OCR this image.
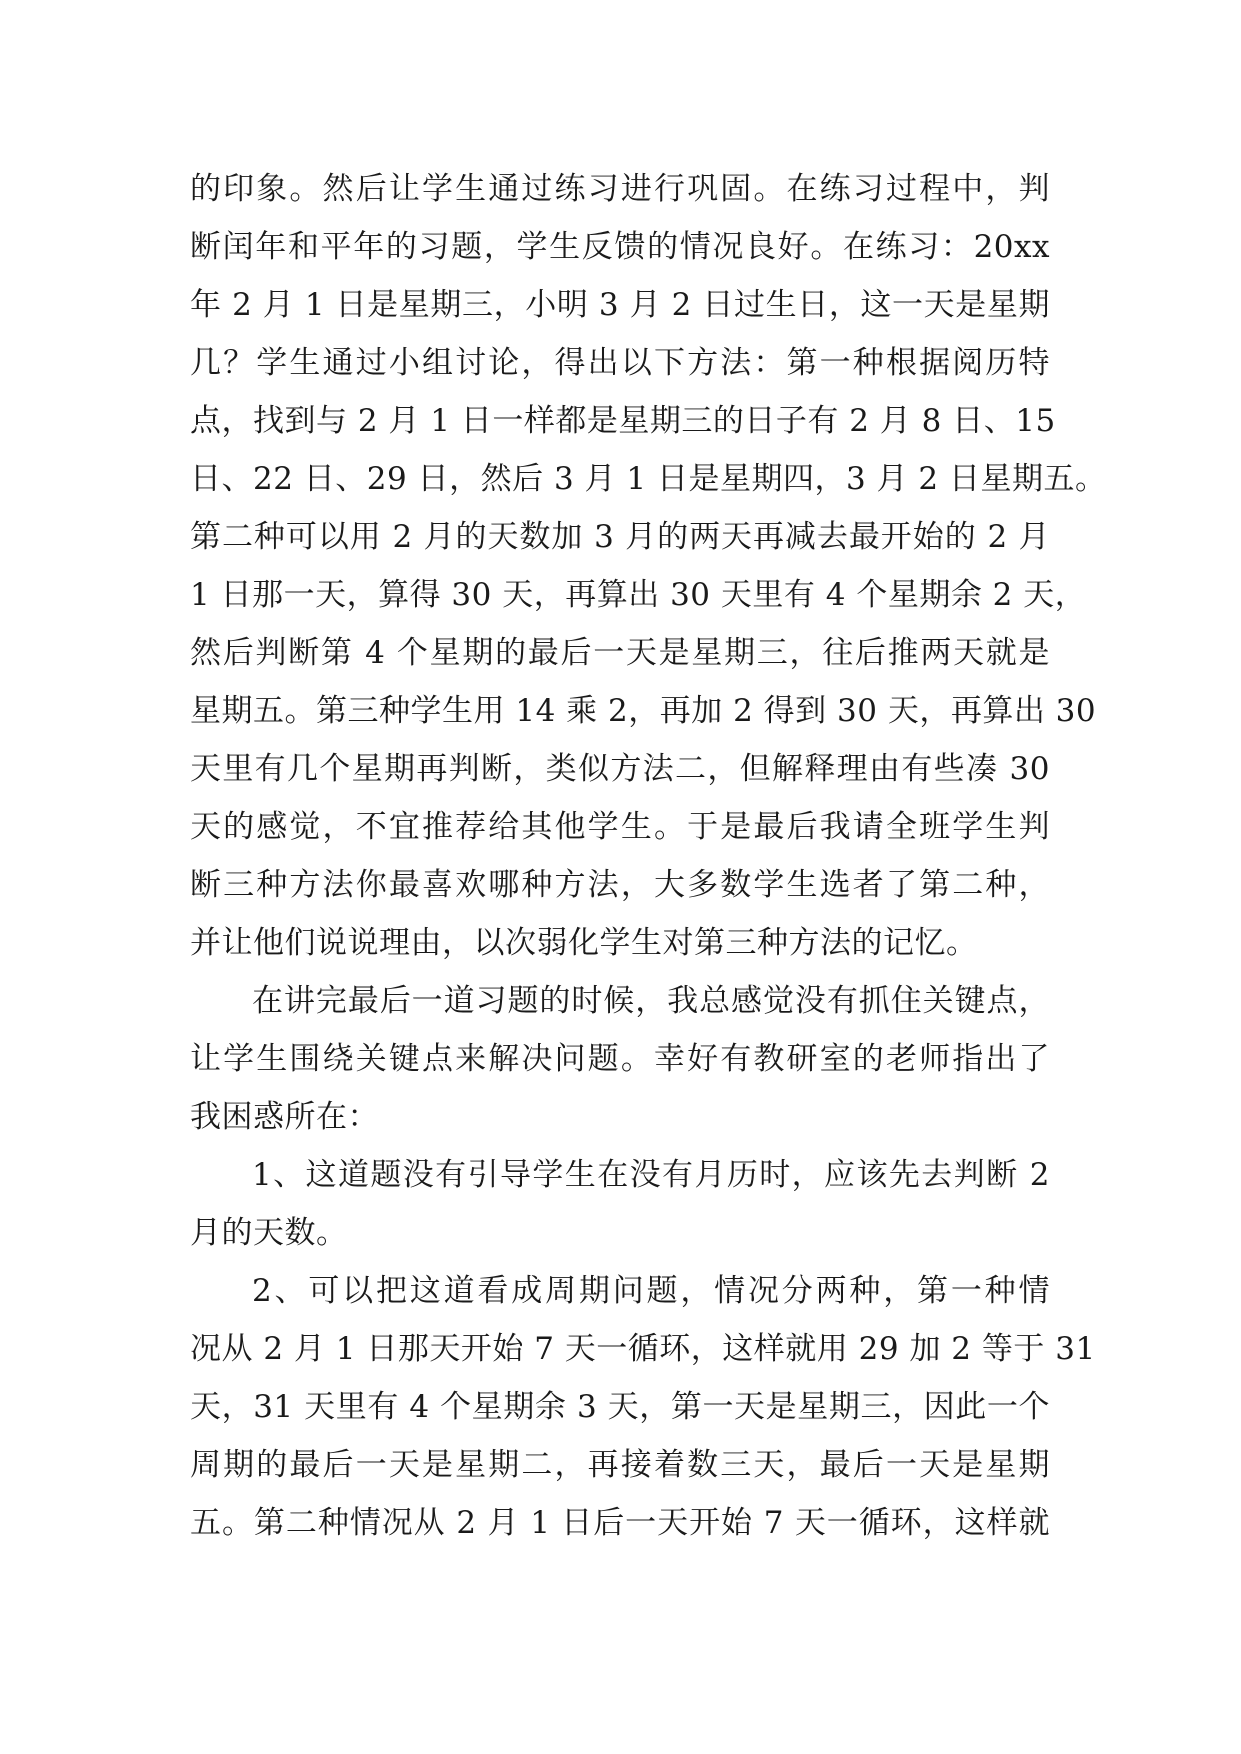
的印象。然后让学生通过练习进行巩固。在练习过程中，判
断闰年和平年的习题，学生反馈的情况良好。在练习：20xx
年 2 月 1 日是星期三，小明 3 月 2 日过生日，这一天是星期
几？学生通过小组讨论，得出以下方法：第一种根据阅历特
点，找到与 2 月 1 日一样都是星期三的日子有 2 月 8 日、15
日、22 日、29 日，然后 3 月 1 日是星期四，3 月 2 日星期五。
第二种可以用 2 月的天数加 3 月的两天再减去最开始的 2 月
1 日那一天，算得 30 天，再算出 30 天里有 4 个星期余 2 天，
然后判断第 4 个星期的最后一天是星期三，往后推两天就是
星期五。第三种学生用 14 乘 2，再加 2 得到 30 天，再算出 30
天里有几个星期再判断，类似方法二，但解释理由有些凑 30
天的感觉，不宜推荐给其他学生。于是最后我请全班学生判
断三种方法你最喜欢哪种方法，大多数学生选者了第二种，
并让他们说说理由，以次弱化学生对第三种方法的记忆。
在讲完最后一道习题的时候，我总感觉没有抓住关键点，
让学生围绕关键点来解决问题。幸好有教研室的老师指出了
我困惑所在：
1、这道题没有引导学生在没有月历时，应该先去判断 2
月的天数。
2、可以把这道看成周期问题，情况分两种，第一种情
况从 2 月 1 日那天开始 7 天一循环，这样就用 29 加 2 等于 31
天，31 天里有 4 个星期余 3 天，第一天是星期三，因此一个
周期的最后一天是星期二，再接着数三天，最后一天是星期
五。第二种情况从 2 月 1 日后一天开始 7 天一循环，这样就
